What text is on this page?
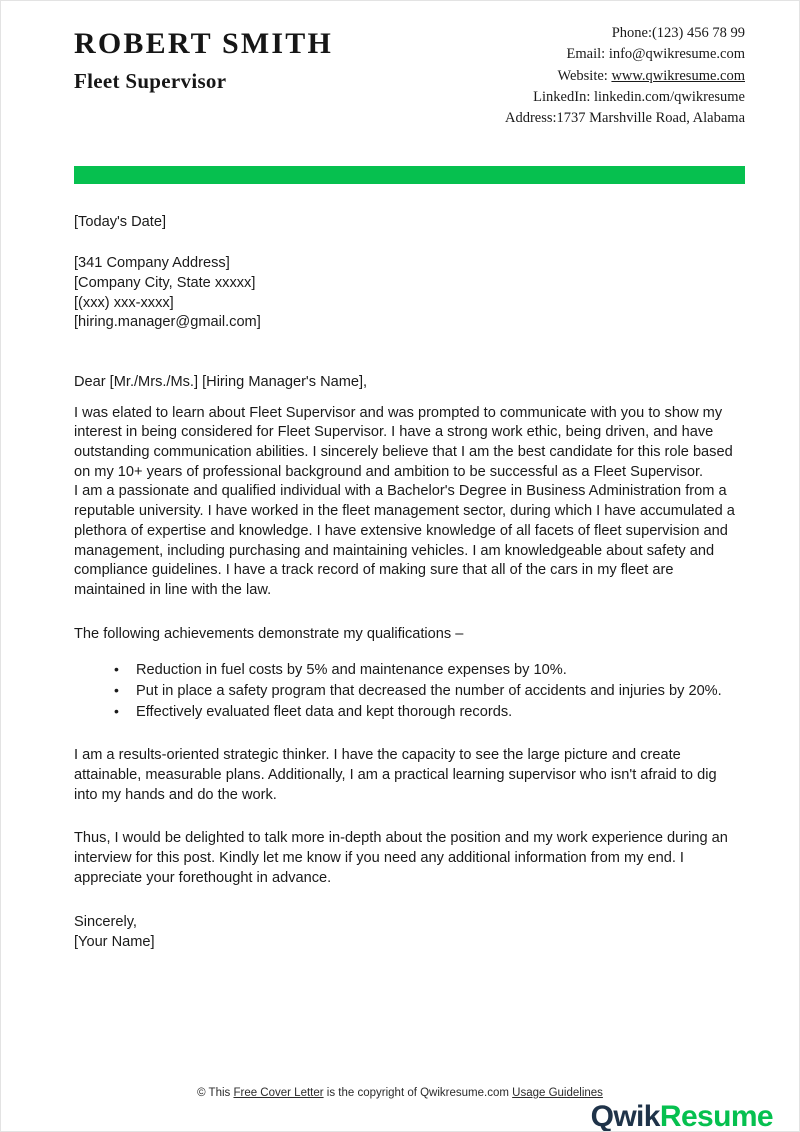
ROBERT SMITH
Fleet Supervisor
Phone:(123) 456 78 99
Email: info@qwikresume.com
Website: www.qwikresume.com
LinkedIn: linkedin.com/qwikresume
Address:1737 Marshville Road, Alabama
[Today's Date]
[341 Company Address]
[Company City, State xxxxx]
[(xxx) xxx-xxxx]
[hiring.manager@gmail.com]
Dear [Mr./Mrs./Ms.] [Hiring Manager's Name],
I was elated to learn about Fleet Supervisor and was prompted to communicate with you to show my interest in being considered for Fleet Supervisor. I have a strong work ethic, being driven, and have outstanding communication abilities. I sincerely believe that I am the best candidate for this role based on my 10+ years of professional background and ambition to be successful as a Fleet Supervisor.
I am a passionate and qualified individual with a Bachelor's Degree in Business Administration from a reputable university. I have worked in the fleet management sector, during which I have accumulated a plethora of expertise and knowledge. I have extensive knowledge of all facets of fleet supervision and management, including purchasing and maintaining vehicles. I am knowledgeable about safety and compliance guidelines. I have a track record of making sure that all of the cars in my fleet are maintained in line with the law.
The following achievements demonstrate my qualifications –
• Reduction in fuel costs by 5% and maintenance expenses by 10%.
• Put in place a safety program that decreased the number of accidents and injuries by 20%.
• Effectively evaluated fleet data and kept thorough records.
I am a results-oriented strategic thinker. I have the capacity to see the large picture and create attainable, measurable plans. Additionally, I am a practical learning supervisor who isn't afraid to dig into my hands and do the work.
Thus, I would be delighted to talk more in-depth about the position and my work experience during an interview for this post. Kindly let me know if you need any additional information from my end. I appreciate your forethought in advance.
Sincerely,
[Your Name]
© This Free Cover Letter is the copyright of Qwikresume.com Usage Guidelines
QwikResume
